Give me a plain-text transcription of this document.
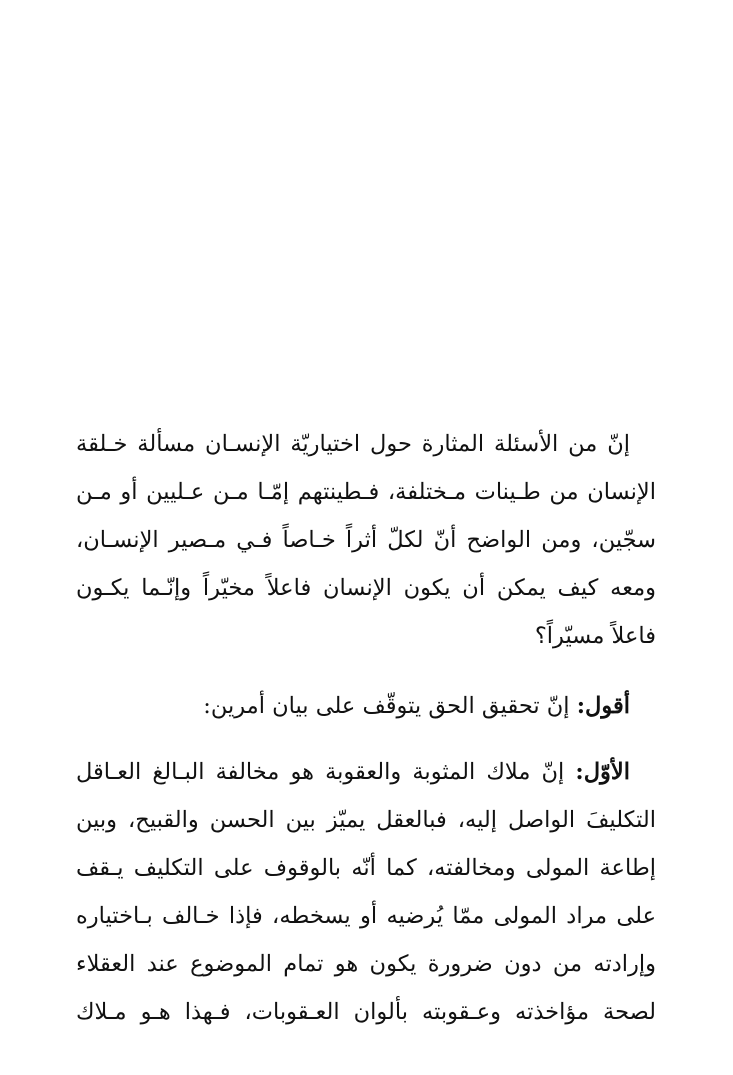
إنّ من الأسئلة المثارة حول اختياريّة الإنسـان مسألة خـلقة
الإنسان من طـينات مـختلفة، فـطينتهم إمّـا مـن عـليين أو مـن
سجّين، ومن الواضح أنّ لكلّ أثراً خـاصاً فـي مـصير الإنسـان،
ومعه كيف يمكن أن يكون الإنسان فاعلاً مخيّراً وإنّـما يكـون
فاعلاً مسيّراً؟
أقول: إنّ تحقيق الحق يتوقّف على بيان أمرين:
الأوّل: إنّ ملاك المثوبة والعقوبة هو مخالفة البـالغ العـاقل
التكليفَ الواصل إليه، فبالعقل يميّز بين الحسن والقبيح، وبين
إطاعة المولى ومخالفته، كما أنّه بالوقوف على التكليف يـقف
على مراد المولى ممّا يُرضيه أو يسخطه، فإذا خـالف بـاختياره
وإرادته من دون ضرورة يكون هو تمام الموضوع عند العقلاء
لصحة مؤاخذته وعـقوبته بألوان العـقوبات، فـهذا هـو مـلاك
